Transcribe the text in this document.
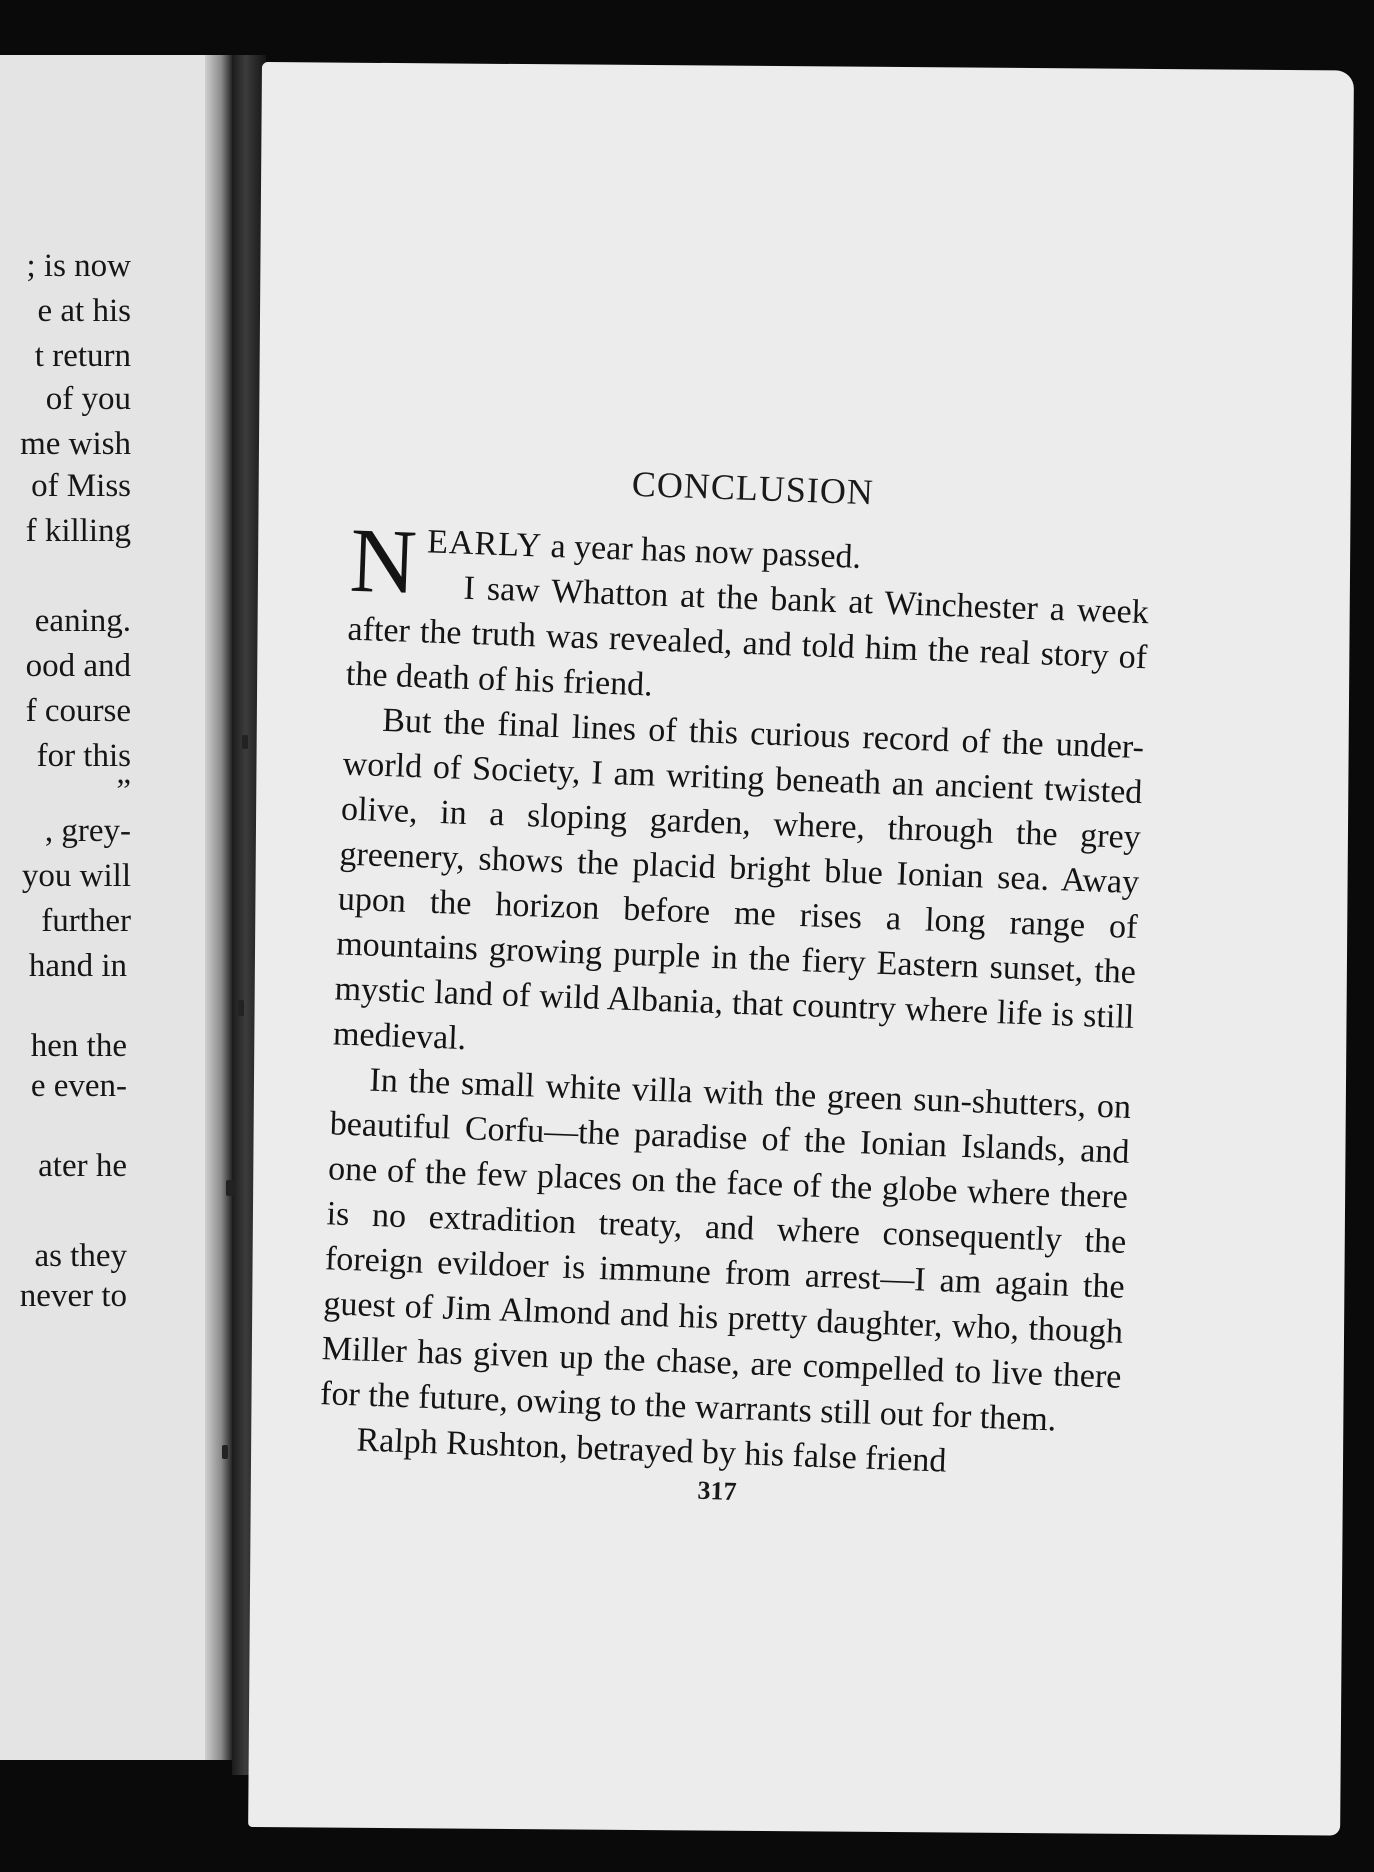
; is now
e at his
t return
of you
me wish
of Miss
f killing
eaning.
ood and
f course
for this
”
, grey-
you will
further
hand in
hen the
e even-
ater he
as they
never to
CONCLUSION

NEARLY a year has now passed.

I saw Whatton at the bank at Winchester a week after the truth was revealed, and told him the real story of the death of his friend.

But the final lines of this curious record of the under-world of Society, I am writing beneath an ancient twisted olive, in a sloping garden, where, through the grey greenery, shows the placid bright blue Ionian sea. Away upon the horizon before me rises a long range of mountains growing purple in the fiery Eastern sunset, the mystic land of wild Albania, that country where life is still medieval.

In the small white villa with the green sun-shutters, on beautiful Corfu—the paradise of the Ionian Islands, and one of the few places on the face of the globe where there is no extradition treaty, and where consequently the foreign evildoer is immune from arrest—I am again the guest of Jim Almond and his pretty daughter, who, though Miller has given up the chase, are compelled to live there for the future, owing to the warrants still out for them.

Ralph Rushton, betrayed by his false friend

317
